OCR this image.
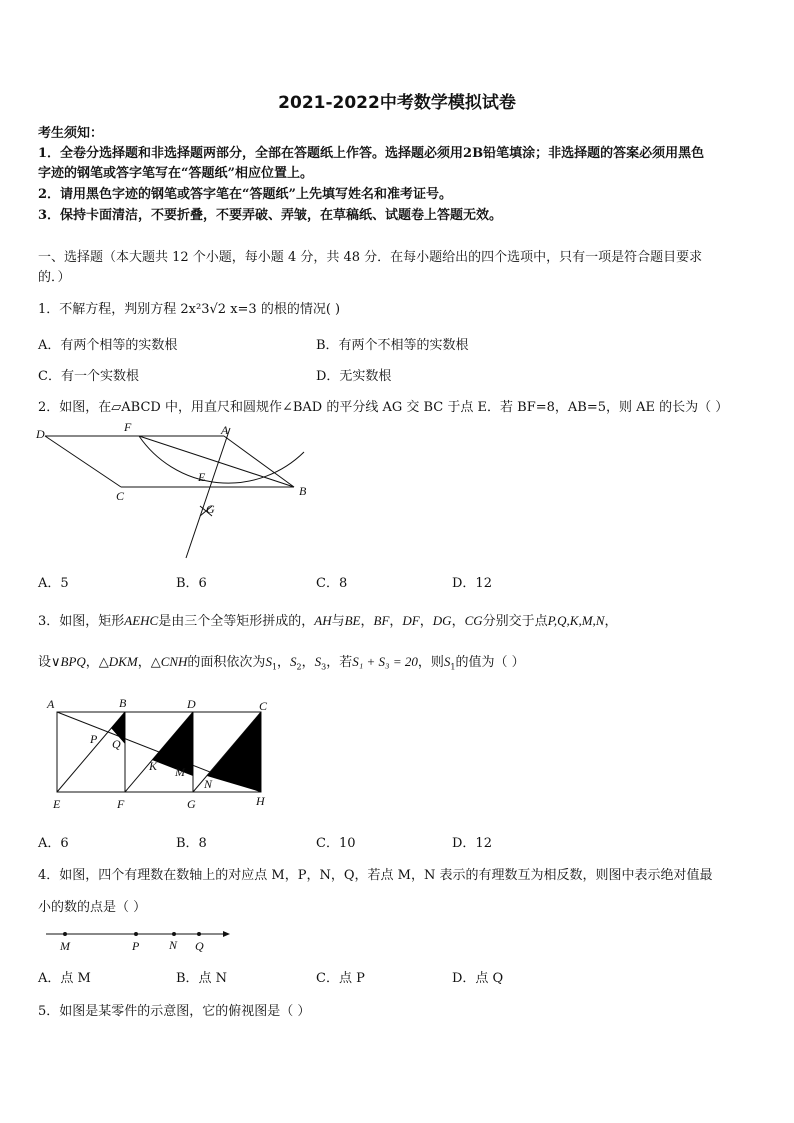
2021-2022中考数学模拟试卷
考生须知：
1．全卷分选择题和非选择题两部分，全部在答题纸上作答。选择题必须用2B铅笔填涂；非选择题的答案必须用黑色
字迹的钢笔或答字笔写在“答题纸”相应位置上。
2．请用黑色字迹的钢笔或答字笔在“答题纸”上先填写姓名和准考证号。
3．保持卡面清洁，不要折叠，不要弄破、弄皱，在草稿纸、试题卷上答题无效。
一、选择题（本大题共 12 个小题，每小题 4 分，共 48 分．在每小题给出的四个选项中，只有一项是符合题目要求
的．）
1．不解方程，判别方程 2x²3√2 x=3 的根的情况( )
A．有两个相等的实数根	B．有两个不相等的实数根
C．有一个实数根	D．无实数根
2．如图，在▱ABCD 中，用直尺和圆规作∠BAD 的平分线 AG 交 BC 于点 E．若 BF=8，AB=5，则 AE 的长为（ ）
D	F	A
E
C	B
G
A．5	B．6	C．8	D．12
3．如图，矩形AEHC是由三个全等矩形拼成的，AH与BE，BF，DF，DG，CG分别交于点P,Q,K,M,N，
设∨BPQ，△DKM，△CNH的面积依次为$S_1$，$S_2$，$S_3$，若S₁ + S₃ = 20，则$S_1$的值为（ ）
A	B	D	C
P Q
K M
N
E	F	G	H
A．6	B．8	C．10	D．12
4．如图，四个有理数在数轴上的对应点 M，P，N，Q，若点 M，N 表示的有理数互为相反数，则图中表示绝对值最
小的数的点是（ ）
M	P N Q
A．点 M	B．点 N	C．点 P	D．点 Q
5．如图是某零件的示意图，它的俯视图是（ ）
